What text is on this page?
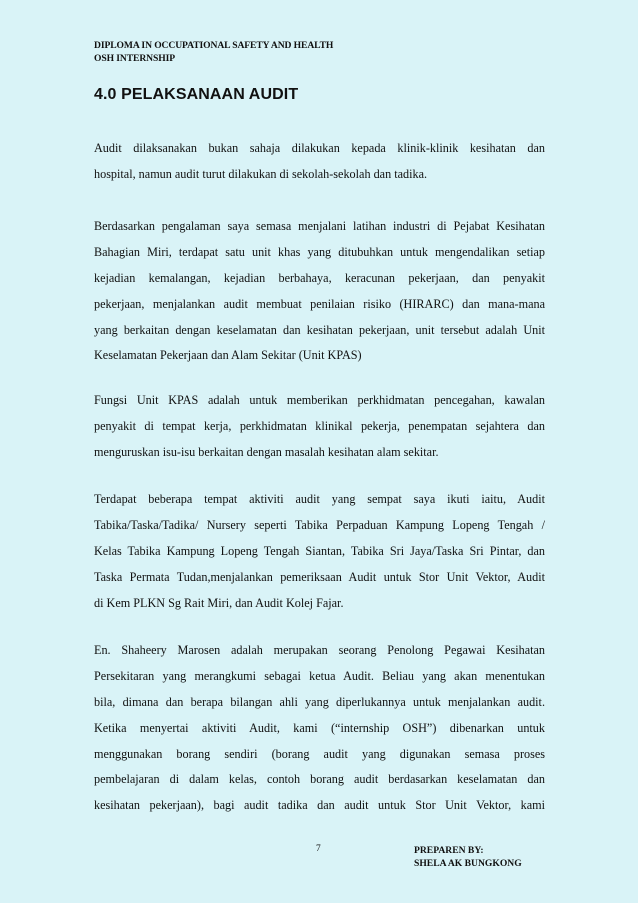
DIPLOMA IN OCCUPATIONAL SAFETY AND HEALTH
OSH INTERNSHIP
4.0 PELAKSANAAN AUDIT
Audit dilaksanakan bukan sahaja dilakukan kepada klinik-klinik kesihatan dan
hospital, namun audit turut dilakukan di sekolah-sekolah dan tadika.
Berdasarkan pengalaman saya semasa menjalani latihan industri di Pejabat Kesihatan
Bahagian Miri, terdapat satu unit khas yang ditubuhkan untuk mengendalikan setiap
kejadian kemalangan, kejadian berbahaya, keracunan pekerjaan, dan penyakit
pekerjaan, menjalankan audit membuat penilaian risiko (HIRARC) dan mana-mana
yang berkaitan dengan keselamatan dan kesihatan pekerjaan, unit tersebut adalah Unit
Keselamatan Pekerjaan dan Alam Sekitar (Unit KPAS)
Fungsi Unit KPAS adalah untuk memberikan perkhidmatan pencegahan, kawalan
penyakit di tempat kerja, perkhidmatan klinikal pekerja, penempatan sejahtera dan
menguruskan isu-isu berkaitan dengan masalah kesihatan alam sekitar.
Terdapat beberapa tempat aktiviti audit yang sempat saya ikuti iaitu, Audit
Tabika/Taska/Tadika/ Nursery seperti Tabika Perpaduan Kampung Lopeng Tengah /
Kelas Tabika Kampung Lopeng Tengah Siantan, Tabika Sri Jaya/Taska Sri Pintar, dan
Taska Permata Tudan,menjalankan pemeriksaan Audit untuk Stor Unit Vektor, Audit
di Kem PLKN Sg Rait Miri, dan Audit Kolej Fajar.
En. Shaheery Marosen adalah merupakan seorang Penolong Pegawai Kesihatan
Persekitaran yang merangkumi sebagai ketua Audit. Beliau yang akan menentukan
bila, dimana dan berapa bilangan ahli yang diperlukannya untuk menjalankan audit.
Ketika menyertai aktiviti Audit, kami (“internship OSH”) dibenarkan untuk
menggunakan borang sendiri (borang audit yang digunakan semasa proses
pembelajaran di dalam kelas, contoh borang audit berdasarkan keselamatan dan
kesihatan pekerjaan), bagi audit tadika dan audit untuk Stor Unit Vektor, kami
7	PREPAREN BY:
SHELA AK BUNGKONG
